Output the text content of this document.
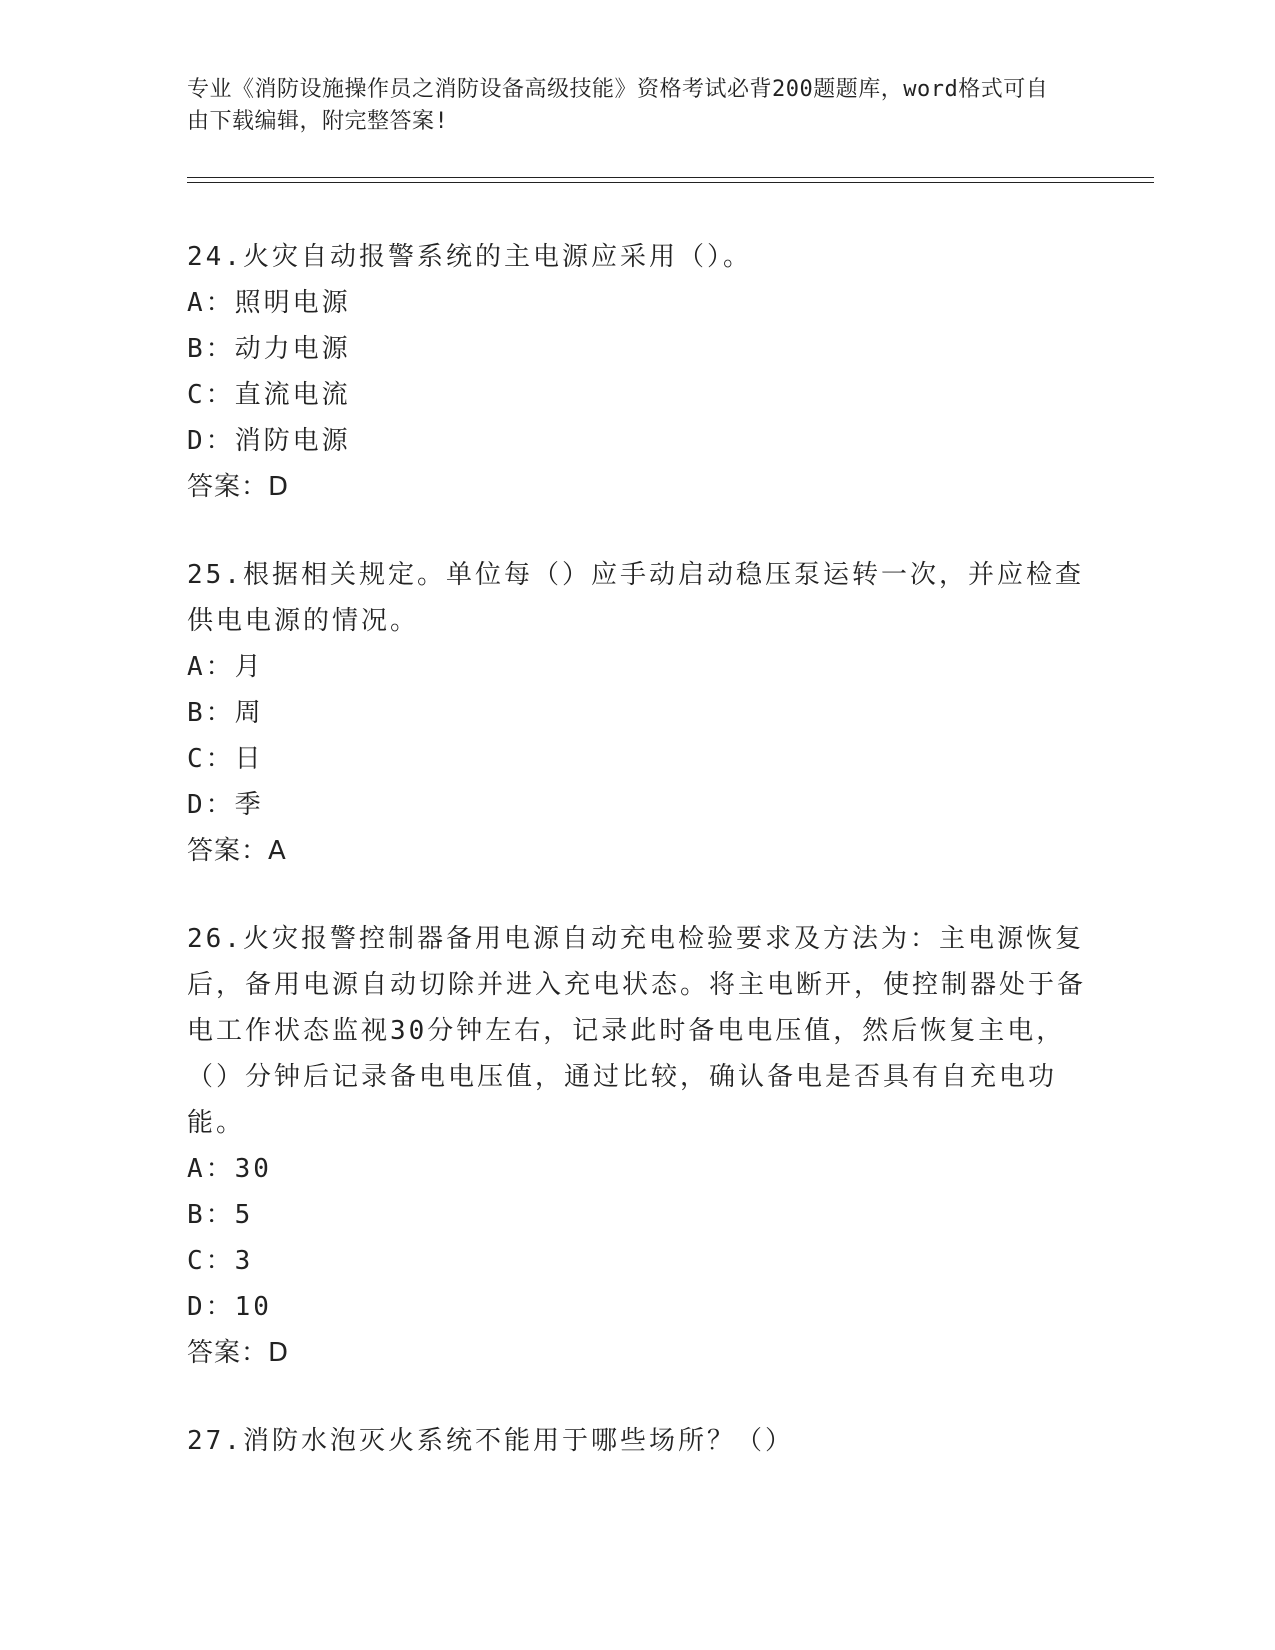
专业《消防设施操作员之消防设备高级技能》资格考试必背200题题库，word格式可自由下载编辑，附完整答案!

24.火灾自动报警系统的主电源应采用（）。

A：照明电源

B：动力电源

C：直流电流

D：消防电源

答案：D

25.根据相关规定。单位每（）应手动启动稳压泵运转一次，并应检查供电电源的情况。

A：月

B：周

C：日

D：季

答案：A

26.火灾报警控制器备用电源自动充电检验要求及方法为：主电源恢复后，备用电源自动切除并进入充电状态。将主电断开，使控制器处于备电工作状态监视30分钟左右，记录此时备电电压值，然后恢复主电，（）分钟后记录备电电压值，通过比较，确认备电是否具有自充电功能。

A：30

B：5

C：3

D：10

答案：D

27.消防水泡灭火系统不能用于哪些场所？（）
